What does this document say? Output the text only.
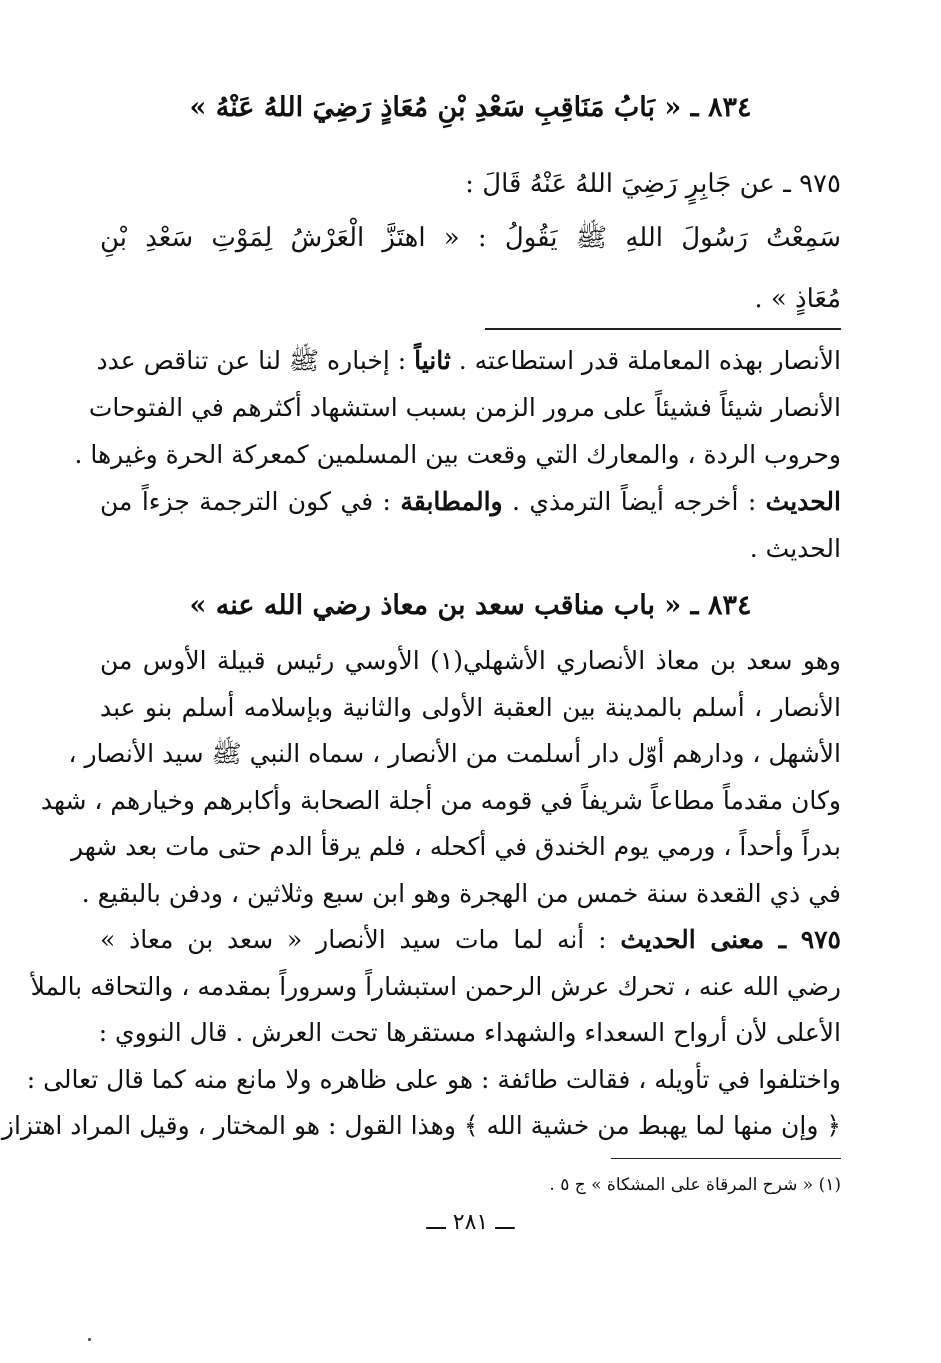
٨٣٤ ـ « بَابُ مَنَاقِبِ سَعْدِ بْنِ مُعَاذٍ رَضِيَ اللهُ عَنْهُ »
٩٧٥ ـ عن جَابِرٍ رَضِيَ اللهُ عَنْهُ قَالَ :
سَمِعْتُ رَسُولَ اللهِ ﷺ يَقُولُ : « اهتَزَّ الْعَرْشُ لِمَوْتِ سَعْدِ بْنِ
مُعَاذٍ » .
الأنصار بهذه المعاملة قدر استطاعته . ثانياً : إخباره ﷺ لنا عن تناقص عدد
الأنصار شيئاً فشيئاً على مرور الزمن بسبب استشهاد أكثرهم في الفتوحات
وحروب الردة ، والمعارك التي وقعت بين المسلمين كمعركة الحرة وغيرها .
الحديث : أخرجه أيضاً الترمذي . والمطابقة : في كون الترجمة جزءاً من
الحديث .
٨٣٤ ـ « باب مناقب سعد بن معاذ رضي الله عنه »
وهو سعد بن معاذ الأنصاري الأشهلي(١) الأوسي رئيس قبيلة الأوس من
الأنصار ، أسلم بالمدينة بين العقبة الأولى والثانية وبإسلامه أسلم بنو عبد
الأشهل ، ودارهم أوّل دار أسلمت من الأنصار ، سماه النبي ﷺ سيد الأنصار ،
وكان مقدماً مطاعاً شريفاً في قومه من أجلة الصحابة وأكابرهم وخيارهم ، شهد
بدراً وأحداً ، ورمي يوم الخندق في أكحله ، فلم يرقأ الدم حتى مات بعد شهر
في ذي القعدة سنة خمس من الهجرة وهو ابن سبع وثلاثين ، ودفن بالبقيع .
٩٧٥ ـ معنى الحديث : أنه لما مات سيد الأنصار « سعد بن معاذ »
رضي الله عنه ، تحرك عرش الرحمن استبشاراً وسروراً بمقدمه ، والتحاقه بالملأ
الأعلى لأن أرواح السعداء والشهداء مستقرها تحت العرش . قال النووي :
واختلفوا في تأويله ، فقالت طائفة : هو على ظاهره ولا مانع منه كما قال تعالى :
﴿ وإن منها لما يهبط من خشية الله ﴾ وهذا القول : هو المختار ، وقيل المراد اهتزاز
(١) « شرح المرقاة على المشكاة » ج ٥ .
ـــ ٢٨١ ـــ
